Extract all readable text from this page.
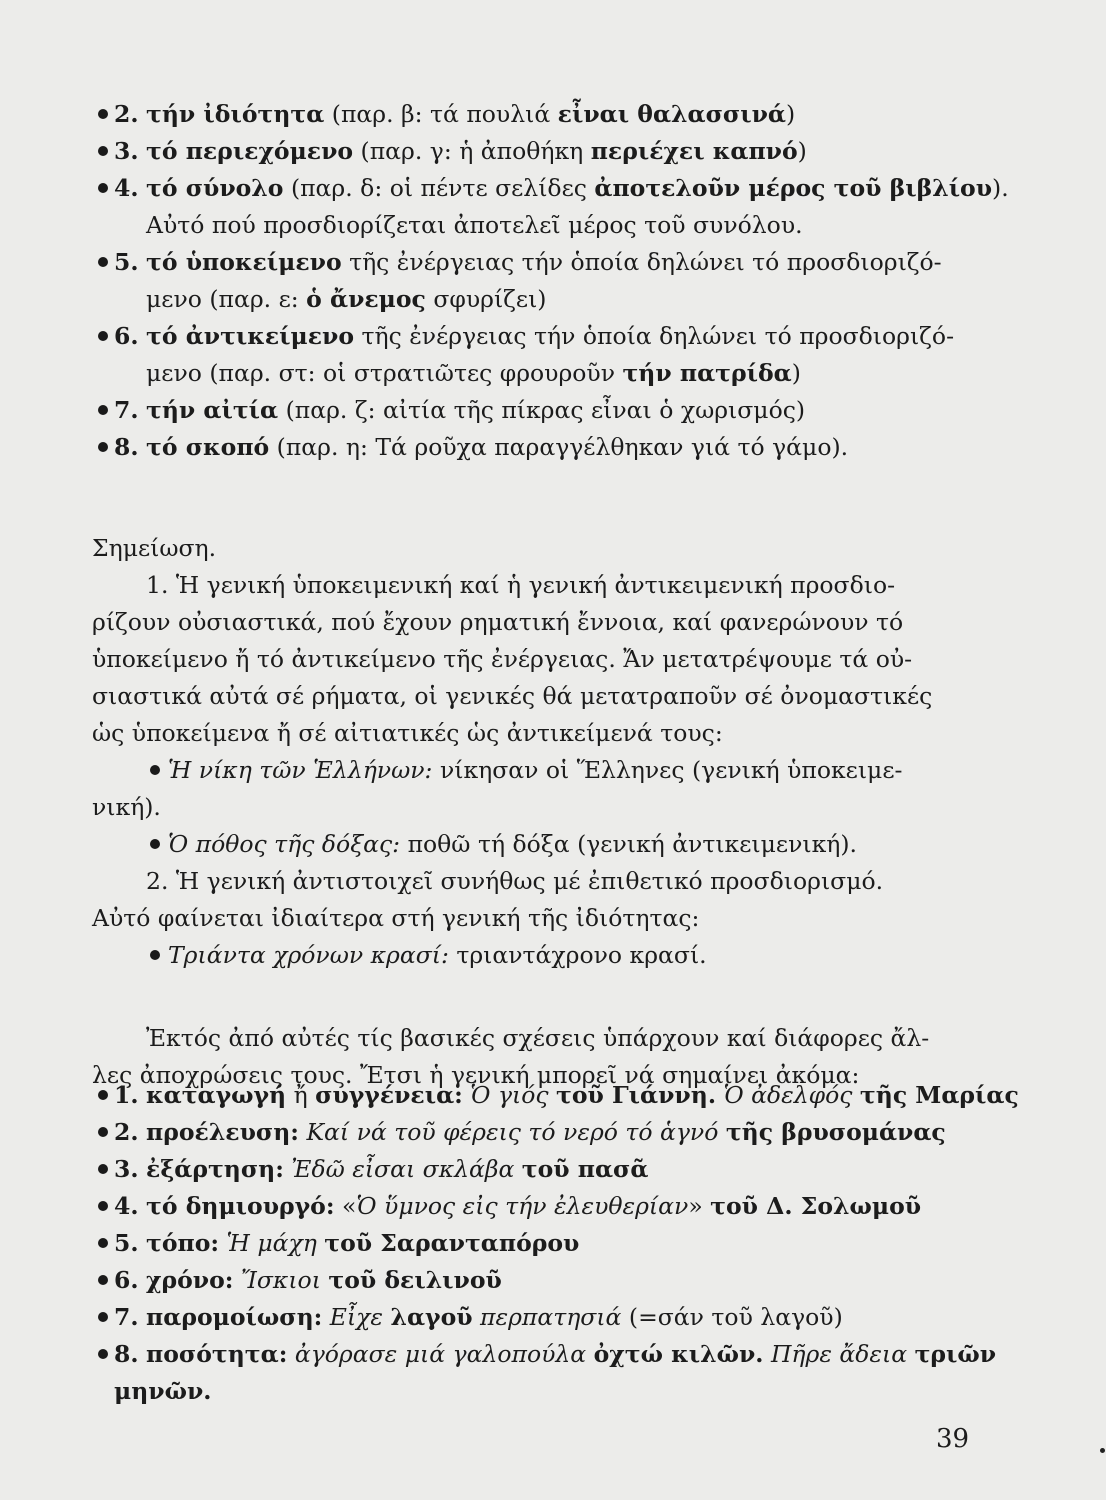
2. τήν ἰδιότητα (παρ. β: τά πουλιά εἶναι θαλασσινά)
3. τό περιεχόμενο (παρ. γ: ἡ ἀποθήκη περιέχει καπνό)
4. τό σύνολο (παρ. δ: οἱ πέντε σελίδες ἀποτελοῦν μέρος τοῦ βιβλίου).
Αὐτό πού προσδιορίζεται ἀποτελεῖ μέρος τοῦ συνόλου.
5. τό ὑποκείμενο τῆς ἐνέργειας τήν ὁποία δηλώνει τό προσδιοριζό-
μενο (παρ. ε: ὁ ἄνεμος σφυρίζει)
6. τό ἀντικείμενο τῆς ἐνέργειας τήν ὁποία δηλώνει τό προσδιοριζό-
μενο (παρ. στ: οἱ στρατιῶτες φρουροῦν τήν πατρίδα)
7. τήν αἰτία (παρ. ζ: αἰτία τῆς πίκρας εἶναι ὁ χωρισμός)
8. τό σκοπό (παρ. η: Τά ροῦχα παραγγέλθηκαν γιά τό γάμο).
Σημείωση.
1. Ἡ γενική ὑποκειμενική καί ἡ γενική ἀντικειμενική προσδιο-
ρίζουν οὐσιαστικά, πού ἔχουν ρηματική ἔννοια, καί φανερώνουν τό
ὑποκείμενο ἤ τό ἀντικείμενο τῆς ἐνέργειας. Ἄν μετατρέψουμε τά οὐ-
σιαστικά αὐτά σέ ρήματα, οἱ γενικές θά μετατραποῦν σέ ὀνομαστικές
ὡς ὑποκείμενα ἤ σέ αἰτιατικές ὡς ἀντικείμενά τους:
Ἡ νίκη τῶν Ἑλλήνων: νίκησαν οἱ Ἕλληνες (γενική ὑποκειμε-
νική).
Ὁ πόθος τῆς δόξας: ποθῶ τή δόξα (γενική ἀντικειμενική).
2. Ἡ γενική ἀντιστοιχεῖ συνήθως μέ ἐπιθετικό προσδιορισμό.
Αὐτό φαίνεται ἰδιαίτερα στή γενική τῆς ἰδιότητας:
Τριάντα χρόνων κρασί: τριαντάχρονο κρασί.
Ἐκτός ἀπό αὐτές τίς βασικές σχέσεις ὑπάρχουν καί διάφορες ἄλ-
λες ἀποχρώσεις τους. Ἔτσι ἡ γενική μπορεῖ νά σημαίνει ἀκόμα:
1. καταγωγή ἤ συγγένεια: Ὁ γιός τοῦ Γιάννη. Ὁ ἀδελφός τῆς Μαρίας
2. προέλευση: Καί νά τοῦ φέρεις τό νερό τό ἁγνό τῆς βρυσομάνας
3. ἐξάρτηση: Ἐδῶ εἶσαι σκλάβα τοῦ πασᾶ
4. τό δημιουργό: «Ὁ ὕμνος εἰς τήν ἐλευθερίαν» τοῦ Δ. Σολωμοῦ
5. τόπο: Ἡ μάχη τοῦ Σαρανταπόρου
6. χρόνο: Ἴσκιοι τοῦ δειλινοῦ
7. παρομοίωση: Εἶχε λαγοῦ περπατησιά (=σάν τοῦ λαγοῦ)
8. ποσότητα: ἀγόρασε μιά γαλοπούλα ὀχτώ κιλῶν. Πῆρε ἄδεια τριῶν
μηνῶν.
39
